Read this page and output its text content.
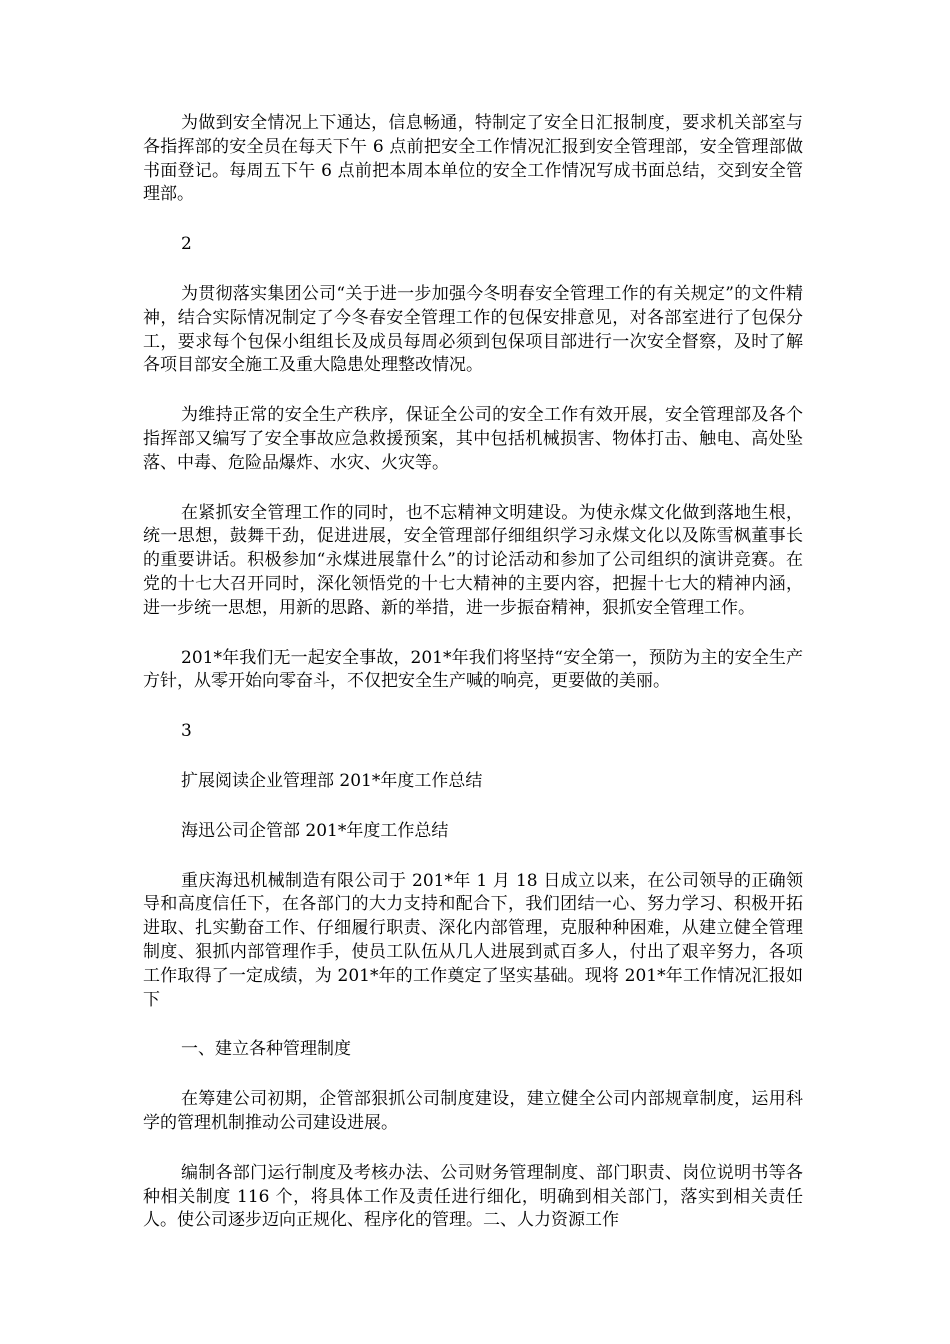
为做到安全情况上下通达，信息畅通，特制定了安全日汇报制度，要求机关部室与各指挥部的安全员在每天下午 6 点前把安全工作情况汇报到安全管理部，安全管理部做书面登记。每周五下午 6 点前把本周本单位的安全工作情况写成书面总结，交到安全管理部。

2

为贯彻落实集团公司“关于进一步加强今冬明春安全管理工作的有关规定”的文件精神，结合实际情况制定了今冬春安全管理工作的包保安排意见，对各部室进行了包保分工，要求每个包保小组组长及成员每周必须到包保项目部进行一次安全督察，及时了解各项目部安全施工及重大隐患处理整改情况。

为维持正常的安全生产秩序，保证全公司的安全工作有效开展，安全管理部及各个指挥部又编写了安全事故应急救援预案，其中包括机械损害、物体打击、触电、高处坠落、中毒、危险品爆炸、水灾、火灾等。

在紧抓安全管理工作的同时，也不忘精神文明建设。为使永煤文化做到落地生根，统一思想，鼓舞干劲，促进进展，安全管理部仔细组织学习永煤文化以及陈雪枫董事长的重要讲话。积极参加“永煤进展靠什么”的讨论活动和参加了公司组织的演讲竞赛。在党的十七大召开同时，深化领悟党的十七大精神的主要内容，把握十七大的精神内涵，进一步统一思想，用新的思路、新的举措，进一步振奋精神，狠抓安全管理工作。

201*年我们无一起安全事故，201*年我们将坚持“安全第一，预防为主的安全生产方针，从零开始向零奋斗，不仅把安全生产喊的响亮，更要做的美丽。

3

扩展阅读企业管理部 201*年度工作总结

海迅公司企管部 201*年度工作总结

重庆海迅机械制造有限公司于 201*年 1 月 18 日成立以来，在公司领导的正确领导和高度信任下，在各部门的大力支持和配合下，我们团结一心、努力学习、积极开拓进取、扎实勤奋工作、仔细履行职责、深化内部管理，克服种种困难，从建立健全管理制度、狠抓内部管理作手，使员工队伍从几人进展到贰百多人，付出了艰辛努力，各项工作取得了一定成绩，为 201*年的工作奠定了坚实基础。现将 201*年工作情况汇报如下

一、建立各种管理制度

在筹建公司初期，企管部狠抓公司制度建设，建立健全公司内部规章制度，运用科学的管理机制推动公司建设进展。

编制各部门运行制度及考核办法、公司财务管理制度、部门职责、岗位说明书等各种相关制度 116 个，将具体工作及责任进行细化，明确到相关部门，落实到相关责任人。使公司逐步迈向正规化、程序化的管理。二、人力资源工作
